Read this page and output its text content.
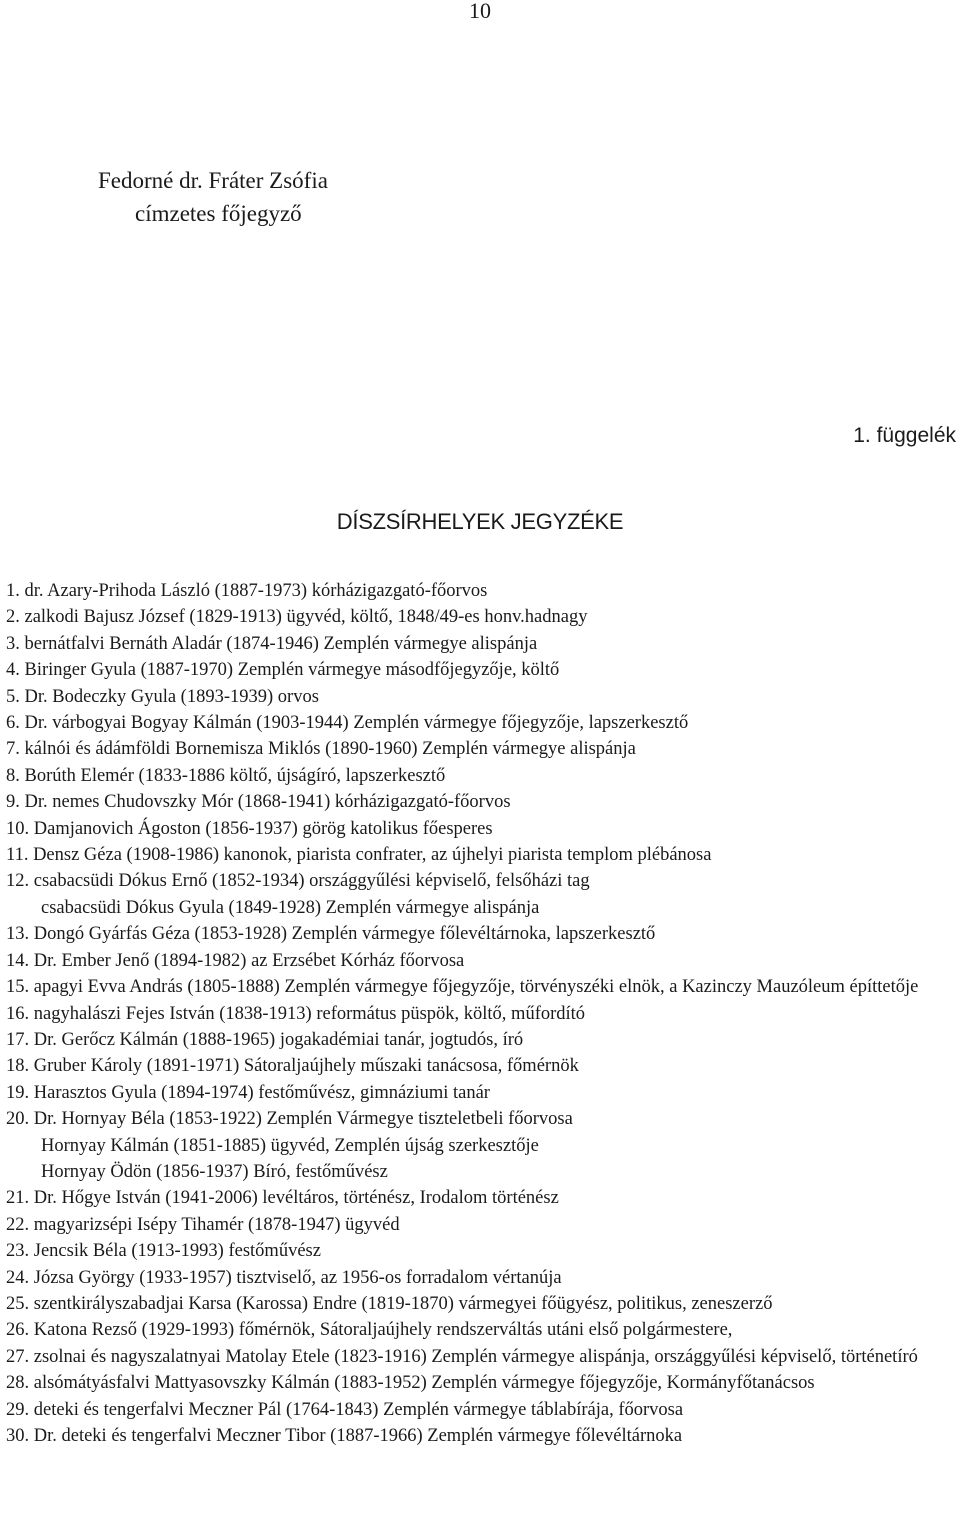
10
Fedorné dr. Fráter Zsófia
címzetes főjegyző
1. függelék
DÍSZSÍRHELYEK JEGYZÉKE
1. dr. Azary-Prihoda László (1887-1973) kórházigazgató-főorvos
2. zalkodi Bajusz József (1829-1913) ügyvéd, költő, 1848/49-es honv.hadnagy
3. bernátfalvi Bernáth Aladár (1874-1946) Zemplén vármegye alispánja
4. Biringer Gyula (1887-1970) Zemplén vármegye másodfőjegyzője, költő
5. Dr. Bodeczky Gyula (1893-1939) orvos
6. Dr. várbogyai Bogyay Kálmán (1903-1944) Zemplén vármegye főjegyzője, lapszerkesztő
7. kálnói és ádámföldi Bornemisza Miklós (1890-1960) Zemplén vármegye alispánja
8. Borúth Elemér (1833-1886 költő, újságíró, lapszerkesztő
9. Dr. nemes Chudovszky Mór (1868-1941) kórházigazgató-főorvos
10. Damjanovich Ágoston (1856-1937) görög katolikus főesperes
11. Densz Géza (1908-1986) kanonok, piarista confrater, az újhelyi piarista templom plébánosa
12. csabacsüdi Dókus Ernő (1852-1934) országgyűlési képviselő, felsőházi tag
csabacsüdi Dókus Gyula (1849-1928) Zemplén vármegye alispánja
13. Dongó Gyárfás Géza (1853-1928) Zemplén vármegye főlevéltárnoka, lapszerkesztő
14. Dr. Ember Jenő (1894-1982) az Erzsébet Kórház főorvosa
15. apagyi Evva András (1805-1888) Zemplén vármegye főjegyzője, törvényszéki elnök, a Kazinczy Mauzóleum építtetője
16. nagyhalászi Fejes István (1838-1913) református püspök, költő, műfordító
17. Dr. Gerőcz Kálmán (1888-1965) jogakadémiai tanár, jogtudós, író
18. Gruber Károly (1891-1971) Sátoraljaújhely műszaki tanácsosa, főmérnök
19. Harasztos Gyula (1894-1974) festőművész, gimnáziumi tanár
20. Dr. Hornyay Béla (1853-1922) Zemplén Vármegye tiszteletbeli főorvosa
Hornyay Kálmán (1851-1885) ügyvéd, Zemplén újság szerkesztője
Hornyay Ödön (1856-1937) Bíró, festőművész
21. Dr. Hőgye István (1941-2006) levéltáros, történész, Irodalom történész
22. magyarizsépi Isépy Tihamér (1878-1947) ügyvéd
23. Jencsik Béla (1913-1993) festőművész
24. Józsa György (1933-1957) tisztviselő, az 1956-os forradalom vértanúja
25. szentkirályszabadjai Karsa (Karossa) Endre (1819-1870) vármegyei főügyész, politikus, zeneszerző
26. Katona Rezső (1929-1993) főmérnök, Sátoraljaújhely rendszerváltás utáni első polgármestere,
27. zsolnai és nagyszalatnyai Matolay Etele (1823-1916) Zemplén vármegye alispánja, országgyűlési képviselő, történetíró
28. alsómátyásfalvi Mattyasovszky Kálmán (1883-1952) Zemplén vármegye főjegyzője, Kormányfőtanácsos
29. deteki és tengerfalvi Meczner Pál (1764-1843) Zemplén vármegye táblabírája, főorvosa
30. Dr. deteki és tengerfalvi Meczner Tibor (1887-1966) Zemplén vármegye főlevéltárnoka
